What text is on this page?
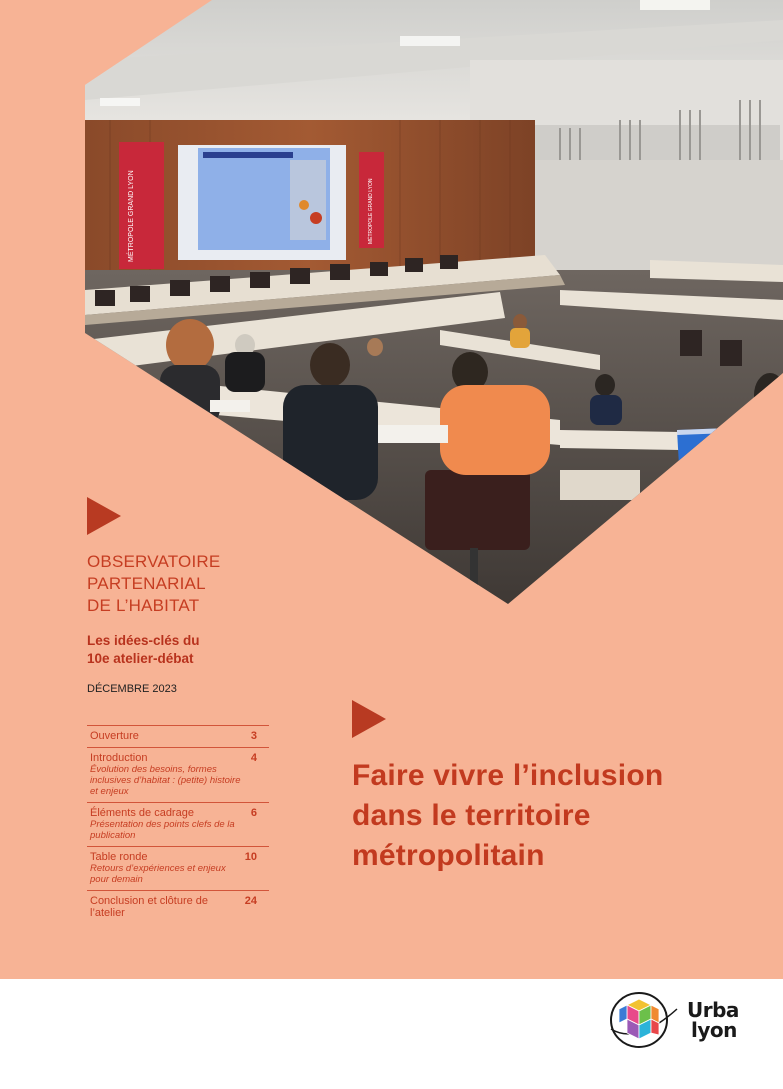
MÉTROPOLE GRAND LYON	MÉTROPOLE GRAND LYON
OBSERVATOIRE
PARTENARIAL
DE L’HABITAT
Les idées-clés du
10e atelier-débat
DÉCEMBRE 2023
Ouverture	3
Introduction
Évolution des besoins, formes inclusives d’habitat : (petite) histoire et enjeux
4
Éléments de cadrage
Présentation des points clefs de la publication
6
Table ronde
Retours d’expériences et enjeux pour demain
10
Conclusion et clôture de l’atelier
24
Faire vivre l’inclusion
dans le territoire
métropolitain
Urba
lyon
